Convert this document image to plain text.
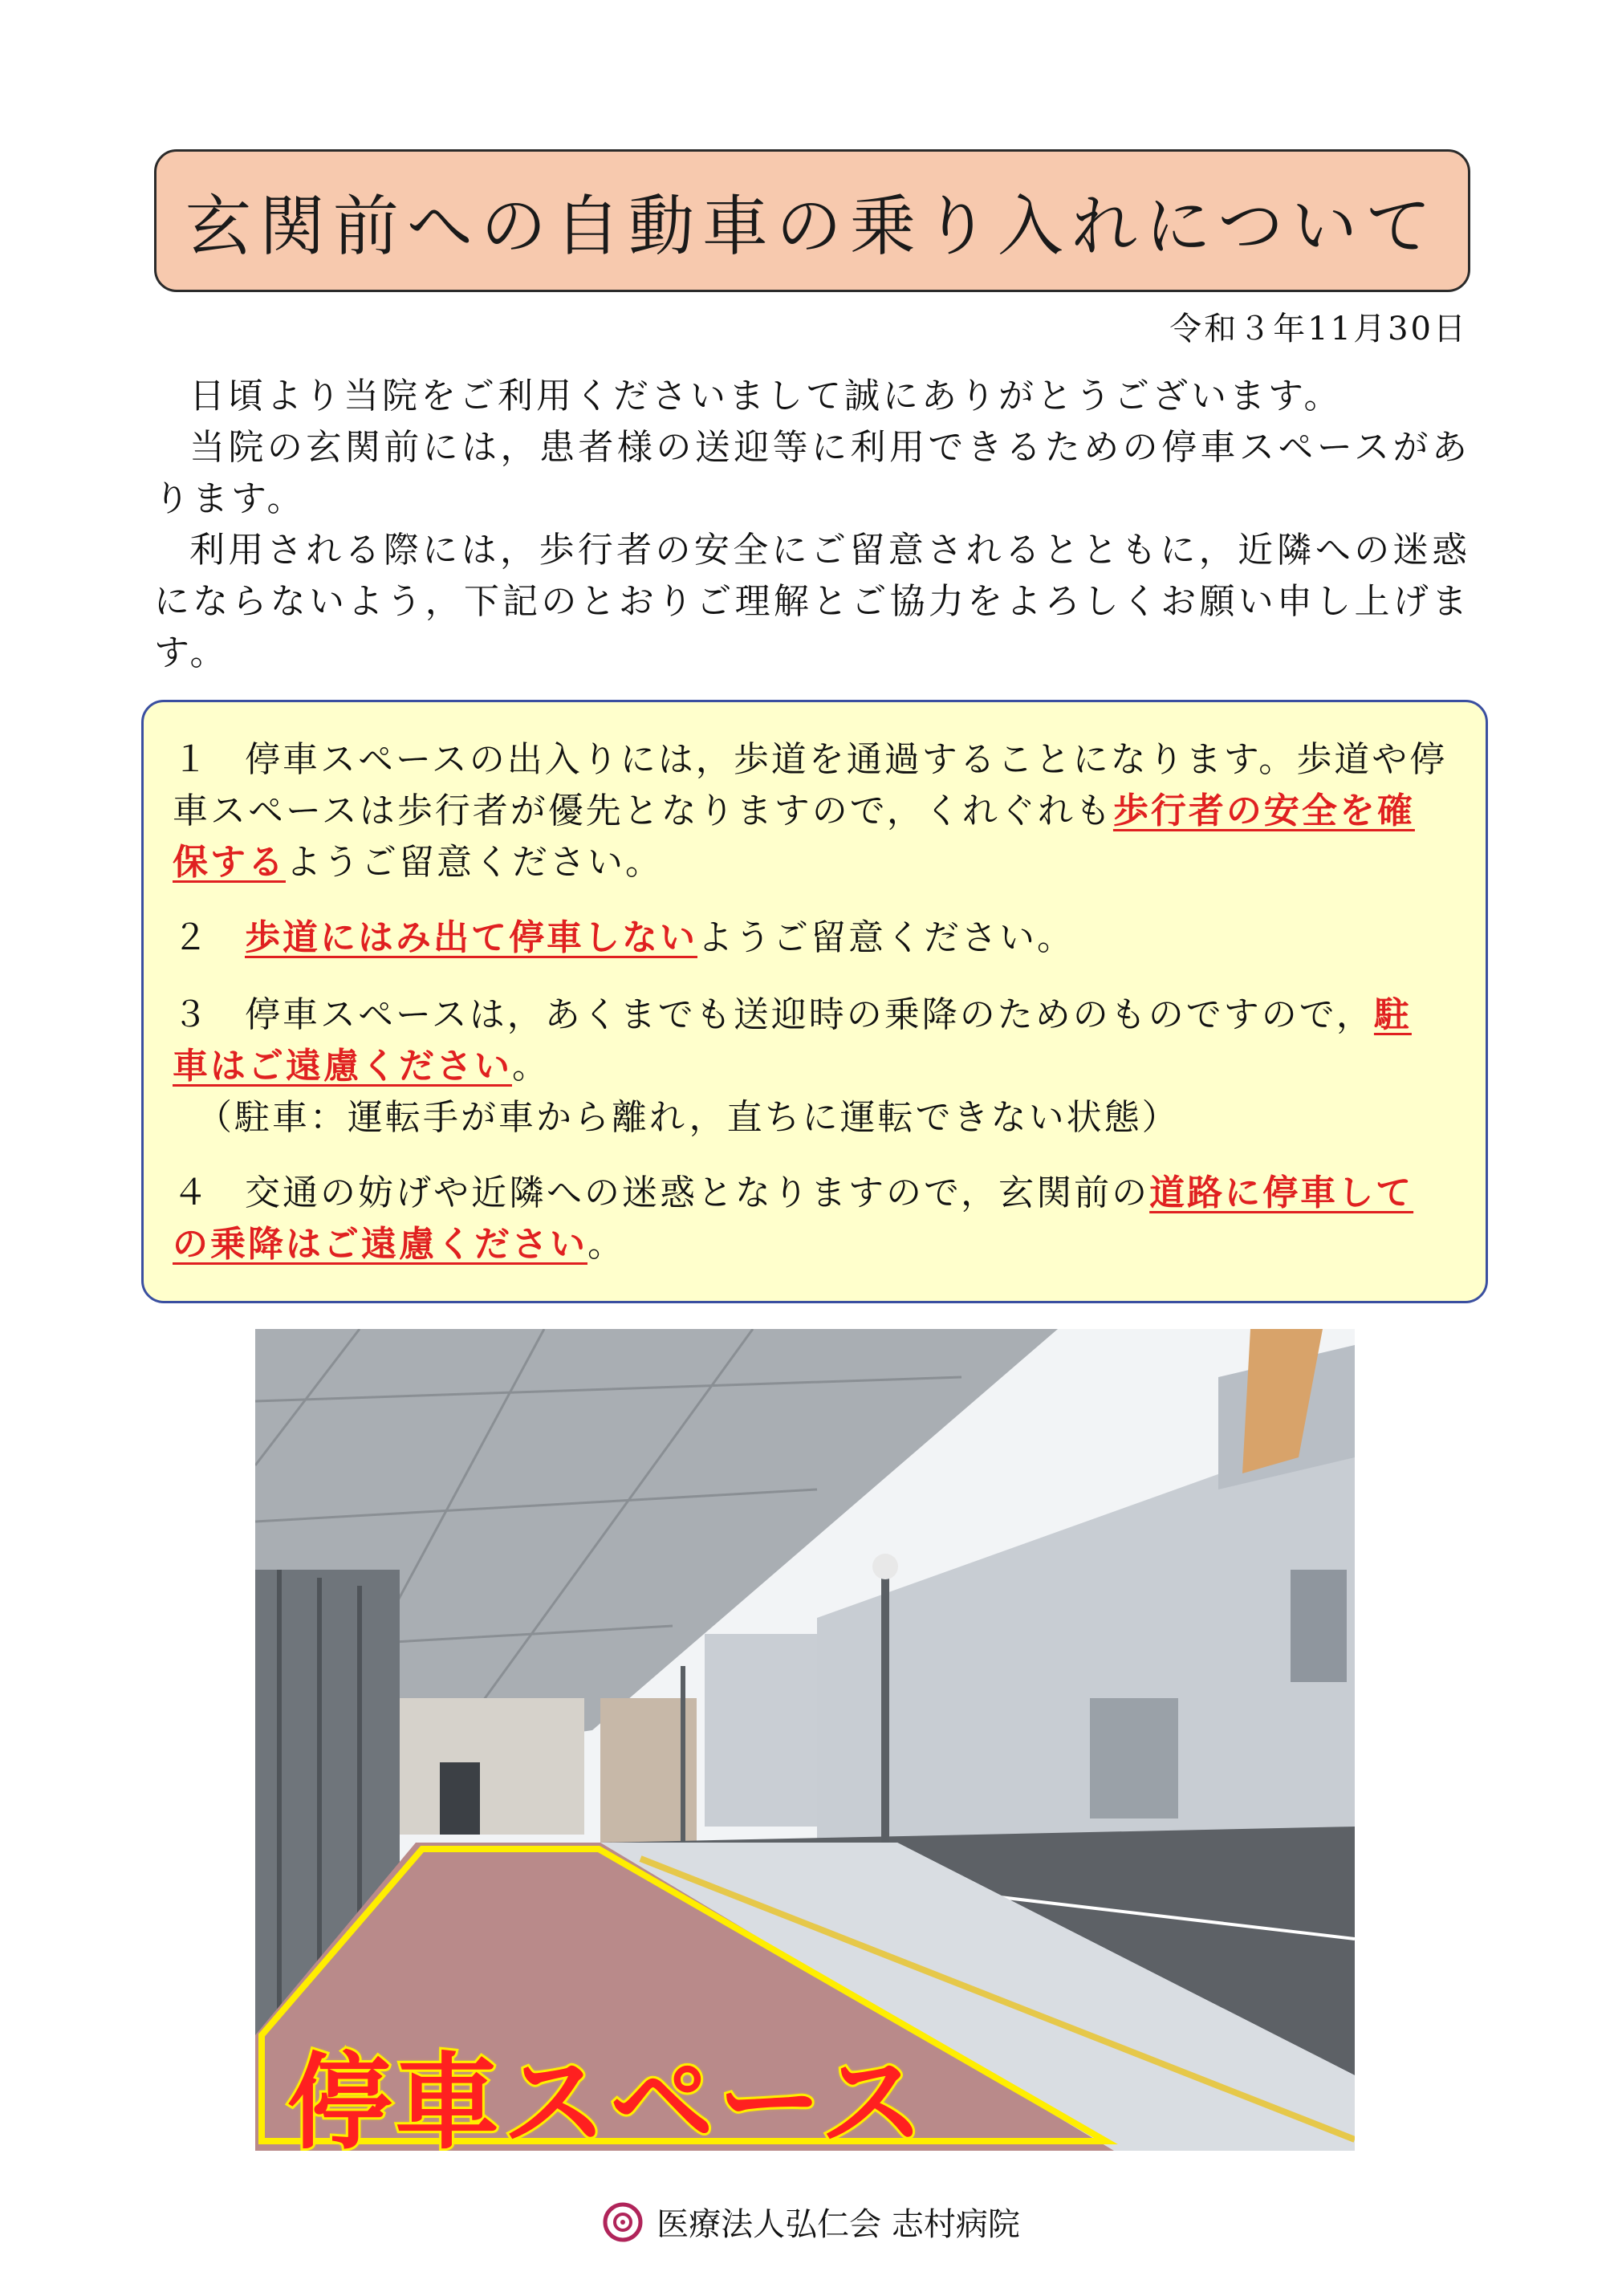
玄関前への自動車の乗り入れについて
令和３年11月30日

日頃より当院をご利用くださいまして誠にありがとうございます。

当院の玄関前には，患者様の送迎等に利用できるための停車スペースがあります。

利用される際には，歩行者の安全にご留意されるとともに，近隣への迷惑にならないよう，下記のとおりご理解とご協力をよろしくお願い申し上げます。

１ 停車スペースの出入りには，歩道を通過することになります。歩道や停車スペースは歩行者が優先となりますので，くれぐれも歩行者の安全を確保するようご留意ください。
２ 歩道にはみ出て停車しないようご留意ください。
３ 停車スペースは，あくまでも送迎時の乗降のためのものですので，駐車はご遠慮ください。
（駐車：運転手が車から離れ，直ちに運転できない状態）
４ 交通の妨げや近隣への迷惑となりますので，玄関前の道路に停車しての乗降はご遠慮ください。
停車スペース
医療法人弘仁会 志村病院
